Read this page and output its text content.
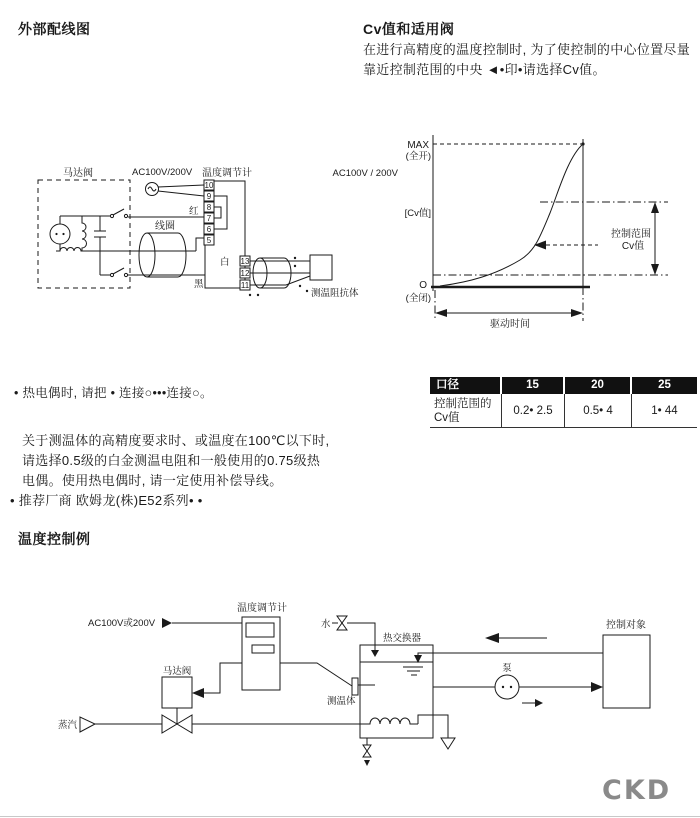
外部配线图	Cv值和适用阀
在进行高精度的温度控制时, 为了使控制的中心位置尽量
靠近控制范围的中央 ◄•印•请选择Cv值。
马达阀	AC100V/200V 温度调节计
线圈
红
白
黑
测温阻抗体
10
9
8
7
6
5
13
12
11
MAX
(全开)
AC100V / 200V
[Cv值]
O
(全闭)
控制范围
Cv值
驱动时间
口径	15	20	25
控制范围的
Cv值
0.2• 2.5	0.5• 4	1• 44
• 热电偶时, 请把 • 连接○•••连接○。
关于测温体的高精度要求时、或温度在100℃以下时,
请选择0.5级的白金测温电阻和一般使用的0.75级热
电偶。使用热电偶时, 请一定使用补偿导线。
• 推荐厂商 欧姆龙(株)E52系列• •
温度控制例
温度调节计
AC100V或200V	水
热交换器
测温体
马达阀
蒸汽
泵
控制对象
CKD
